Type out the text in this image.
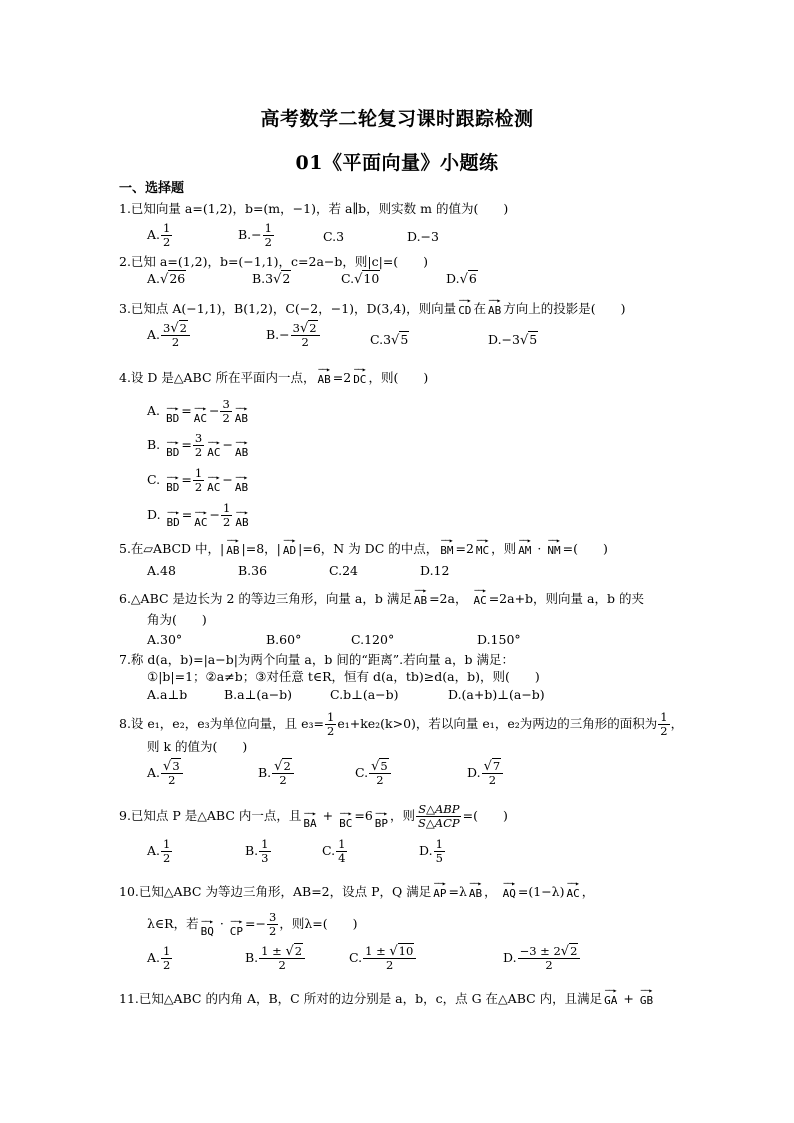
高考数学二轮复习课时跟踪检测
01《平面向量》小题练
一、选择题
1.已知向量 a=(1,2)，b=(m，−1)，若 a∥b，则实数 m 的值为(　　)
A. $\frac{1}{2}$	$B.- \frac{1}{2}$	C.3	D.−3
2.已知 a=(1,2)，b=(−1,1)，c=2a−b，则|c|=(　　)
A.√26	B.3√2	C.√10	D.√6
3.已知点 A(−1,1)，B(1,2)，C(−2，−1)，D(3,4)，则向量
──▸
CD 在
──▸
AB 方向上的投影是(　　)
A. $\frac{3√2}{2}$	$B.- \frac{3√2}{2}$	C.3√5	D.−3√5
4.设 D 是△ABC 所在平面内一点，
──▸
AB =2
──▸
DC ，则(　　)
A. ──▸
BD
= ──▸
AC
− $\frac{3}{2}$ ──▸
AB
B. ──▸
BD
= $\frac{3}{2}$ ──▸
AC
− ──▸
AB
C. ──▸
BD
= $\frac{1}{2}$ ──▸
AC
− ──▸
AB
D. ──▸
BD
= ──▸
AC
− $\frac{1}{2}$ ──▸
AB
5.在▱ABCD 中，|
──▸
AB |=8，|
──▸
AD |=6，N 为 DC 的中点，
──▸
BM =2
──▸
MC ，则
──▸
AM ·
──▸
NM =(　　)
A.48	B.36	C.24	D.12
6.△ABC 是边长为 2 的等边三角形，向量 a，b 满足
──▸
AB =2a，
──▸
AC =2a+b，则向量 a，b 的夹
角为(　　)
A.30°	B.60°	C.120°	D.150°
7.称 d(a，b)=|a−b|为两个向量 a，b 间的“距离”.若向量 a，b 满足：
①|b|=1；②a≠b；③对任意 t∈R，恒有 d(a，tb)≥d(a，b)，则(　　)
A.a⊥b	B.a⊥(a−b)	C.b⊥(a−b)	D.(a+b)⊥(a−b)
8.设 e₁，e₂，e₃为单位向量，且 $e_3= \frac{1}{2} e_1+ke_2(k>0)$，若以向量 e₁，e₂为两边的三角形的面积为 $\frac{1}{2}$ ，
则 k 的值为(　　)
A. $\frac{√3}{2}$	B. $\frac{√2}{2}$	C. $\frac{√5}{2}$	D. $\frac{√7}{2}$
9.已知点 P 是△ABC 内一点，且 ──▸
BA
+ ──▸
BC
=6 ──▸
BP
，则 $\frac{\text{S△ABP}}{\text{S△ACP}}$ =(　　)
A. $\frac{1}{2}$	B. $\frac{1}{3}$	C. $\frac{1}{4}$	D. $\frac{1}{5}$
10.已知△ABC 为等边三角形，AB=2，设点 P，Q 满足
──▸
AP =λ
──▸
AB ，
──▸
AQ =(1−λ)
──▸
AC ，
λ∈R，若 ──▸
BQ
· ──▸
CP
=− $\frac{3}{2}$ ，则λ=(　　)
A. $\frac{1}{2}$	B. $\frac{1 \pm √2}{2}$	C. $\frac{1 \pm √10}{2}$	D. $\frac{-3 \pm 2√2}{2}$
11.已知△ABC 的内角 A，B，C 所对的边分别是 a，b，c，点 G 在△ABC 内，且满足
──▸
GA +
──▸
GB
